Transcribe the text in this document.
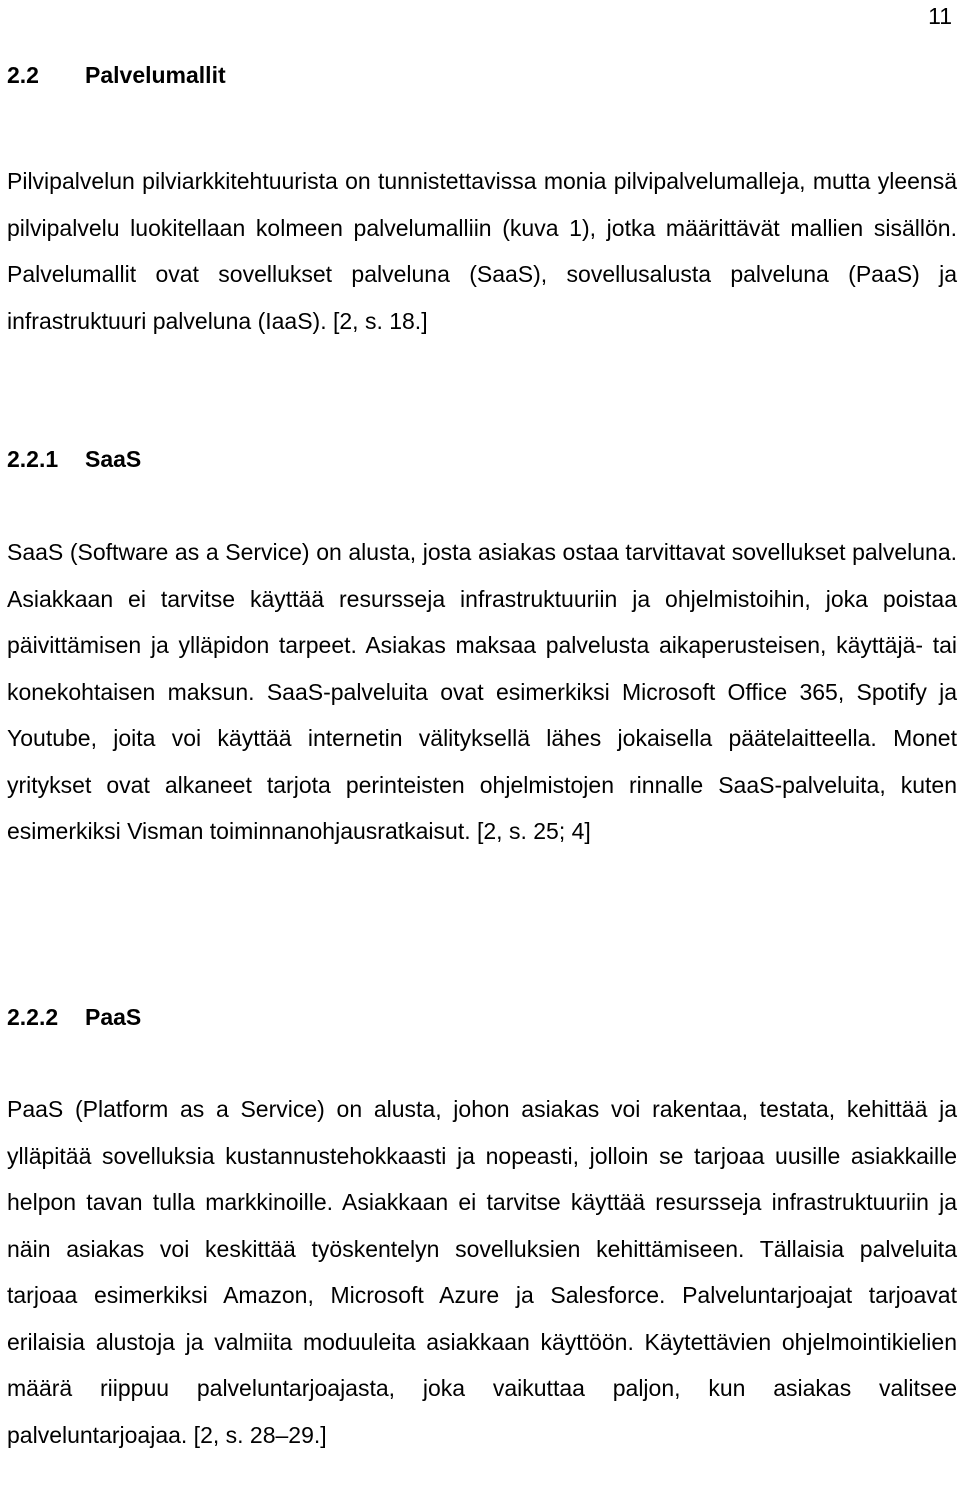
11
2.2 Palvelumallit

Pilvipalvelun pilviarkkitehtuurista on tunnistettavissa monia pilvipalvelumalleja, mutta yleensä pilvipalvelu luokitellaan kolmeen palvelumalliin (kuva 1), jotka määrittävät mallien sisällön. Palvelumallit ovat sovellukset palveluna (SaaS), sovellusalusta palveluna (PaaS) ja infrastruktuuri palveluna (IaaS). [2, s. 18.]

2.2.1 SaaS

SaaS (Software as a Service) on alusta, josta asiakas ostaa tarvittavat sovellukset palveluna. Asiakkaan ei tarvitse käyttää resursseja infrastruktuuriin ja ohjelmistoihin, joka poistaa päivittämisen ja ylläpidon tarpeet. Asiakas maksaa palvelusta aikaperusteisen, käyttäjä- tai konekohtaisen maksun. SaaS-palveluita ovat esimerkiksi Microsoft Office 365, Spotify ja Youtube, joita voi käyttää internetin välityksellä lähes jokaisella päätelaitteella. Monet yritykset ovat alkaneet tarjota perinteisten ohjelmistojen rinnalle SaaS-palveluita, kuten esimerkiksi Visman toiminnanohjausratkaisut. [2, s. 25; 4]

2.2.2 PaaS

PaaS (Platform as a Service) on alusta, johon asiakas voi rakentaa, testata, kehittää ja ylläpitää sovelluksia kustannustehokkaasti ja nopeasti, jolloin se tarjoaa uusille asiakkaille helpon tavan tulla markkinoille. Asiakkaan ei tarvitse käyttää resursseja infrastruktuuriin ja näin asiakas voi keskittää työskentelyn sovelluksien kehittämiseen. Tällaisia palveluita tarjoaa esimerkiksi Amazon, Microsoft Azure ja Salesforce. Palveluntarjoajat tarjoavat erilaisia alustoja ja valmiita moduuleita asiakkaan käyttöön. Käytettävien ohjelmointikielien määrä riippuu palveluntarjoajasta, joka vaikuttaa paljon, kun asiakas valitsee palveluntarjoajaa. [2, s. 28–29.]
